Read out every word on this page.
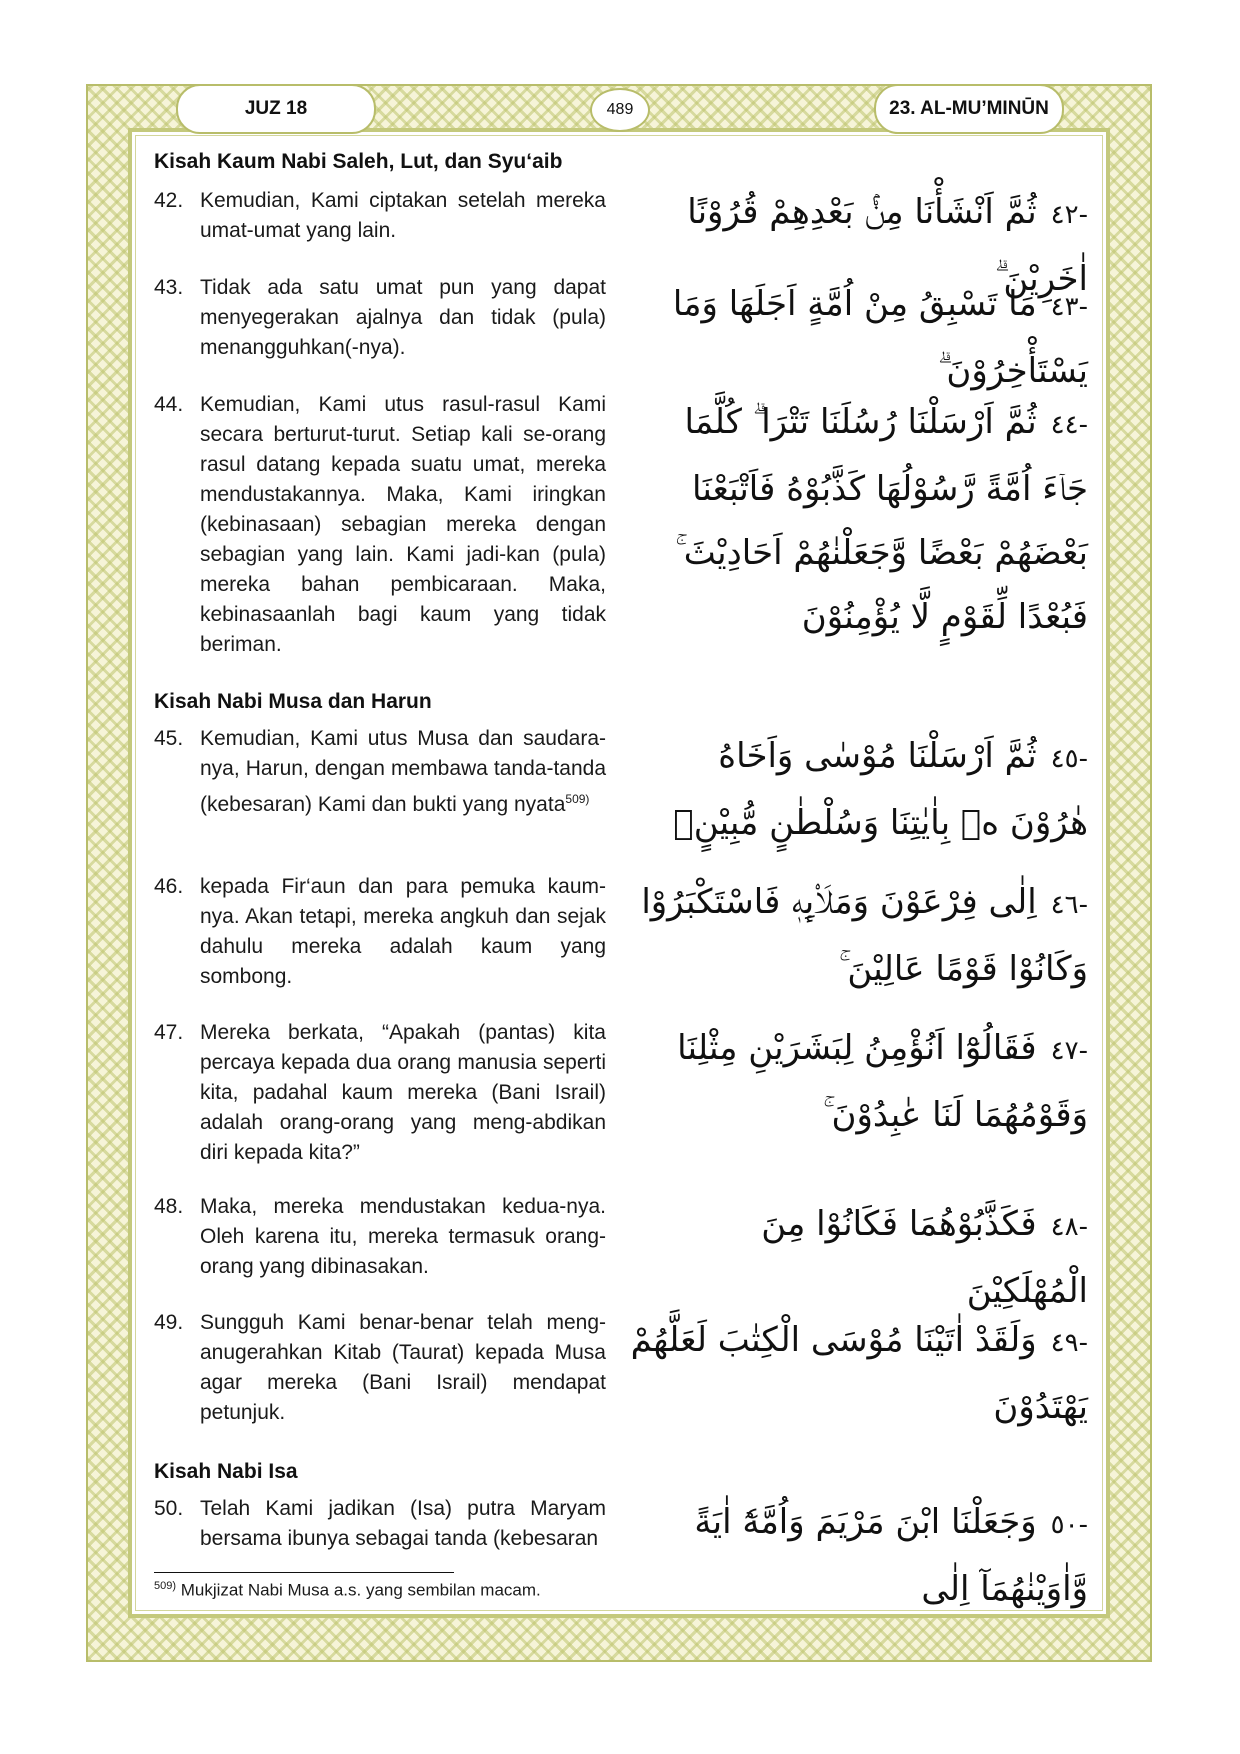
JUZ 18	489	23. AL-MU’MINŪN
Kisah Kaum Nabi Saleh, Lut, dan Syu‘aib
42. Kemudian, Kami ciptakan setelah mereka umat-umat yang lain.
-٤٢ثُمَّ اَنْشَأْنَا مِنْۢ بَعْدِهِمْ قُرُوْنًا اٰخَرِيْنَ ۗ
43. Tidak ada satu umat pun yang dapat menyegerakan ajalnya dan tidak (pula) menangguhkan(-nya).
-٤٣مَا تَسْبِقُ مِنْ اُمَّةٍ اَجَلَهَا وَمَا يَسْتَأْخِرُوْنَ ۗ
44. Kemudian, Kami utus rasul-rasul Kami secara berturut-turut. Setiap kali se-orang rasul datang kepada suatu umat, mereka mendustakannya. Maka, Kami iringkan (kebinasaan) sebagian mereka dengan sebagian yang lain. Kami jadi-kan (pula) mereka bahan pembicaraan. Maka, kebinasaanlah bagi kaum yang tidak beriman.
-٤٤ثُمَّ اَرْسَلْنَا رُسُلَنَا تَتْرَا ۗ كُلَّمَا جَاۤءَ اُمَّةً رَّسُوْلُهَا كَذَّبُوْهُ فَاَتْبَعْنَا بَعْضَهُمْ بَعْضًا وَّجَعَلْنٰهُمْ اَحَادِيْثَ ۚ فَبُعْدًا لِّقَوْمٍ لَّا يُؤْمِنُوْنَ
Kisah Nabi Musa dan Harun
45. Kemudian, Kami utus Musa dan saudara-nya, Harun, dengan membawa tanda-tanda (kebesaran) Kami dan bukti yang nyata$^{509)}$
-٤٥ثُمَّ اَرْسَلْنَا مُوْسٰى وَاَخَاهُ هٰرُوْنَ ەۙ بِاٰيٰتِنَا وَسُلْطٰنٍ مُّبِيْنٍۙ
46. kepada Fir‘aun dan para pemuka kaum-nya. Akan tetapi, mereka angkuh dan sejak dahulu mereka adalah kaum yang sombong.
-٤٦اِلٰى فِرْعَوْنَ وَمَلَا۟ىِٕهٖ فَاسْتَكْبَرُوْا وَكَانُوْا قَوْمًا عَالِيْنَ ۚ
47. Mereka berkata, “Apakah (pantas) kita percaya kepada dua orang manusia seperti kita, padahal kaum mereka (Bani Israil) adalah orang-orang yang meng-abdikan diri kepada kita?”
-٤٧فَقَالُوْٓا اَنُؤْمِنُ لِبَشَرَيْنِ مِثْلِنَا وَقَوْمُهُمَا لَنَا عٰبِدُوْنَ ۚ
48. Maka, mereka mendustakan kedua-nya. Oleh karena itu, mereka termasuk orang-orang yang dibinasakan.
-٤٨فَكَذَّبُوْهُمَا فَكَانُوْا مِنَ الْمُهْلَكِيْنَ
49. Sungguh Kami benar-benar telah meng-anugerahkan Kitab (Taurat) kepada Musa agar mereka (Bani Israil) mendapat petunjuk.
-٤٩وَلَقَدْ اٰتَيْنَا مُوْسَى الْكِتٰبَ لَعَلَّهُمْ يَهْتَدُوْنَ
Kisah Nabi Isa
50. Telah Kami jadikan (Isa) putra Maryam bersama ibunya sebagai tanda (kebesaran	-٥٠وَجَعَلْنَا ابْنَ مَرْيَمَ وَاُمَّهٗٓ اٰيَةً وَّاٰوَيْنٰهُمَآ اِلٰى
$^{509)}$ Mukjizat Nabi Musa a.s. yang sembilan macam.
